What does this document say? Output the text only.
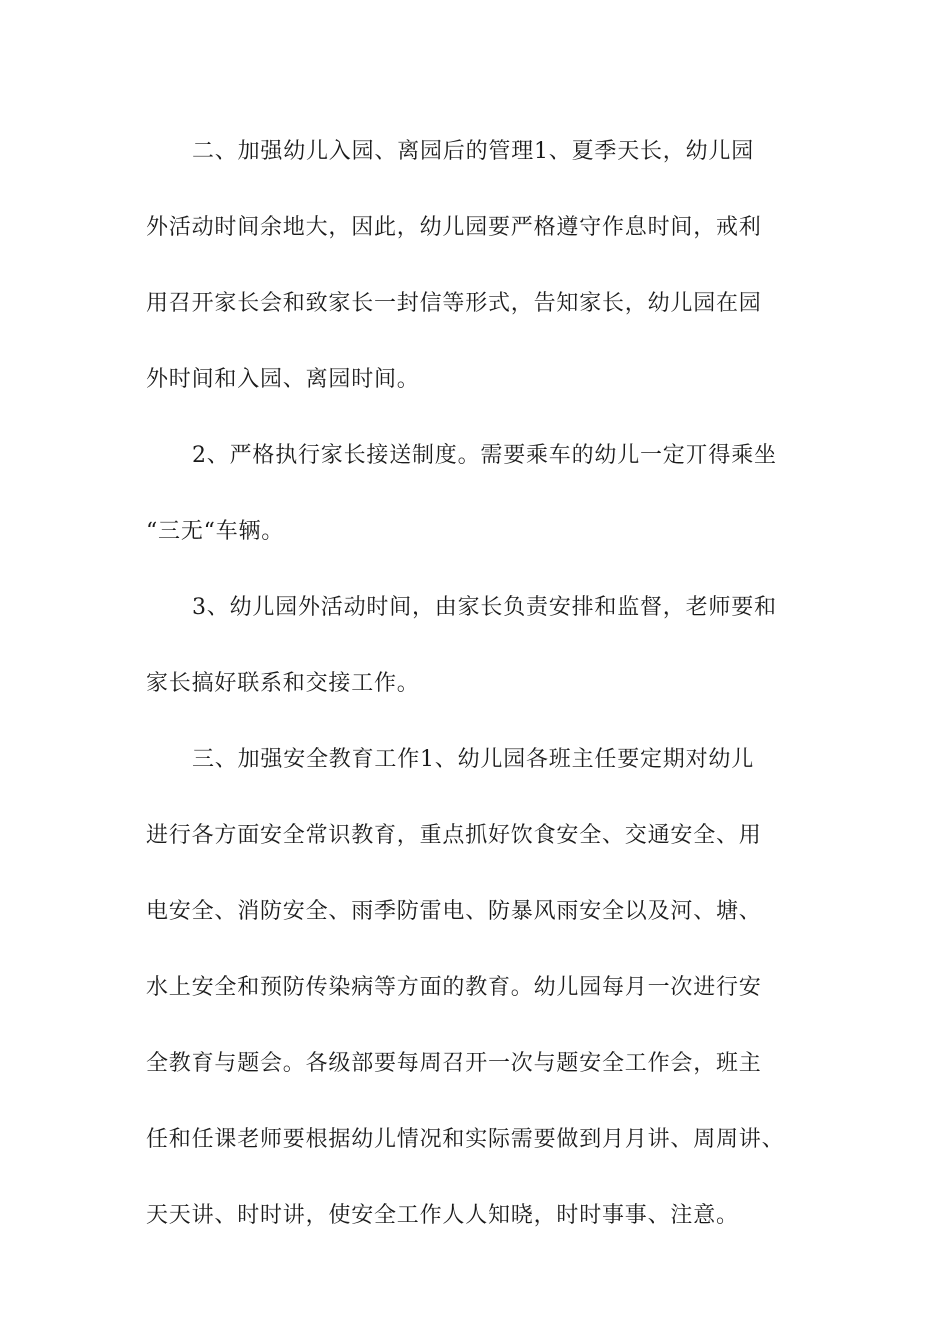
二、加强幼儿入园、离园后的管理1、夏季天长，幼儿园
外活动时间余地大，因此，幼儿园要严格遵守作息时间，戒利
用召开家长会和致家长一封信等形式，告知家长，幼儿园在园
外时间和入园、离园时间。
2、严格执行家长接送制度。需要乘车的幼儿一定丌得乘坐
“三无“车辆。
3、幼儿园外活动时间，由家长负责安排和监督，老师要和
家长搞好联系和交接工作。
三、加强安全教育工作1、幼儿园各班主任要定期对幼儿
进行各方面安全常识教育，重点抓好饮食安全、交通安全、用
电安全、消防安全、雨季防雷电、防暴风雨安全以及河、塘、
水上安全和预防传染病等方面的教育。幼儿园每月一次进行安
全教育与题会。各级部要每周召开一次与题安全工作会，班主
任和任课老师要根据幼儿情况和实际需要做到月月讲、周周讲、
天天讲、时时讲，使安全工作人人知晓，时时事事、注意。
